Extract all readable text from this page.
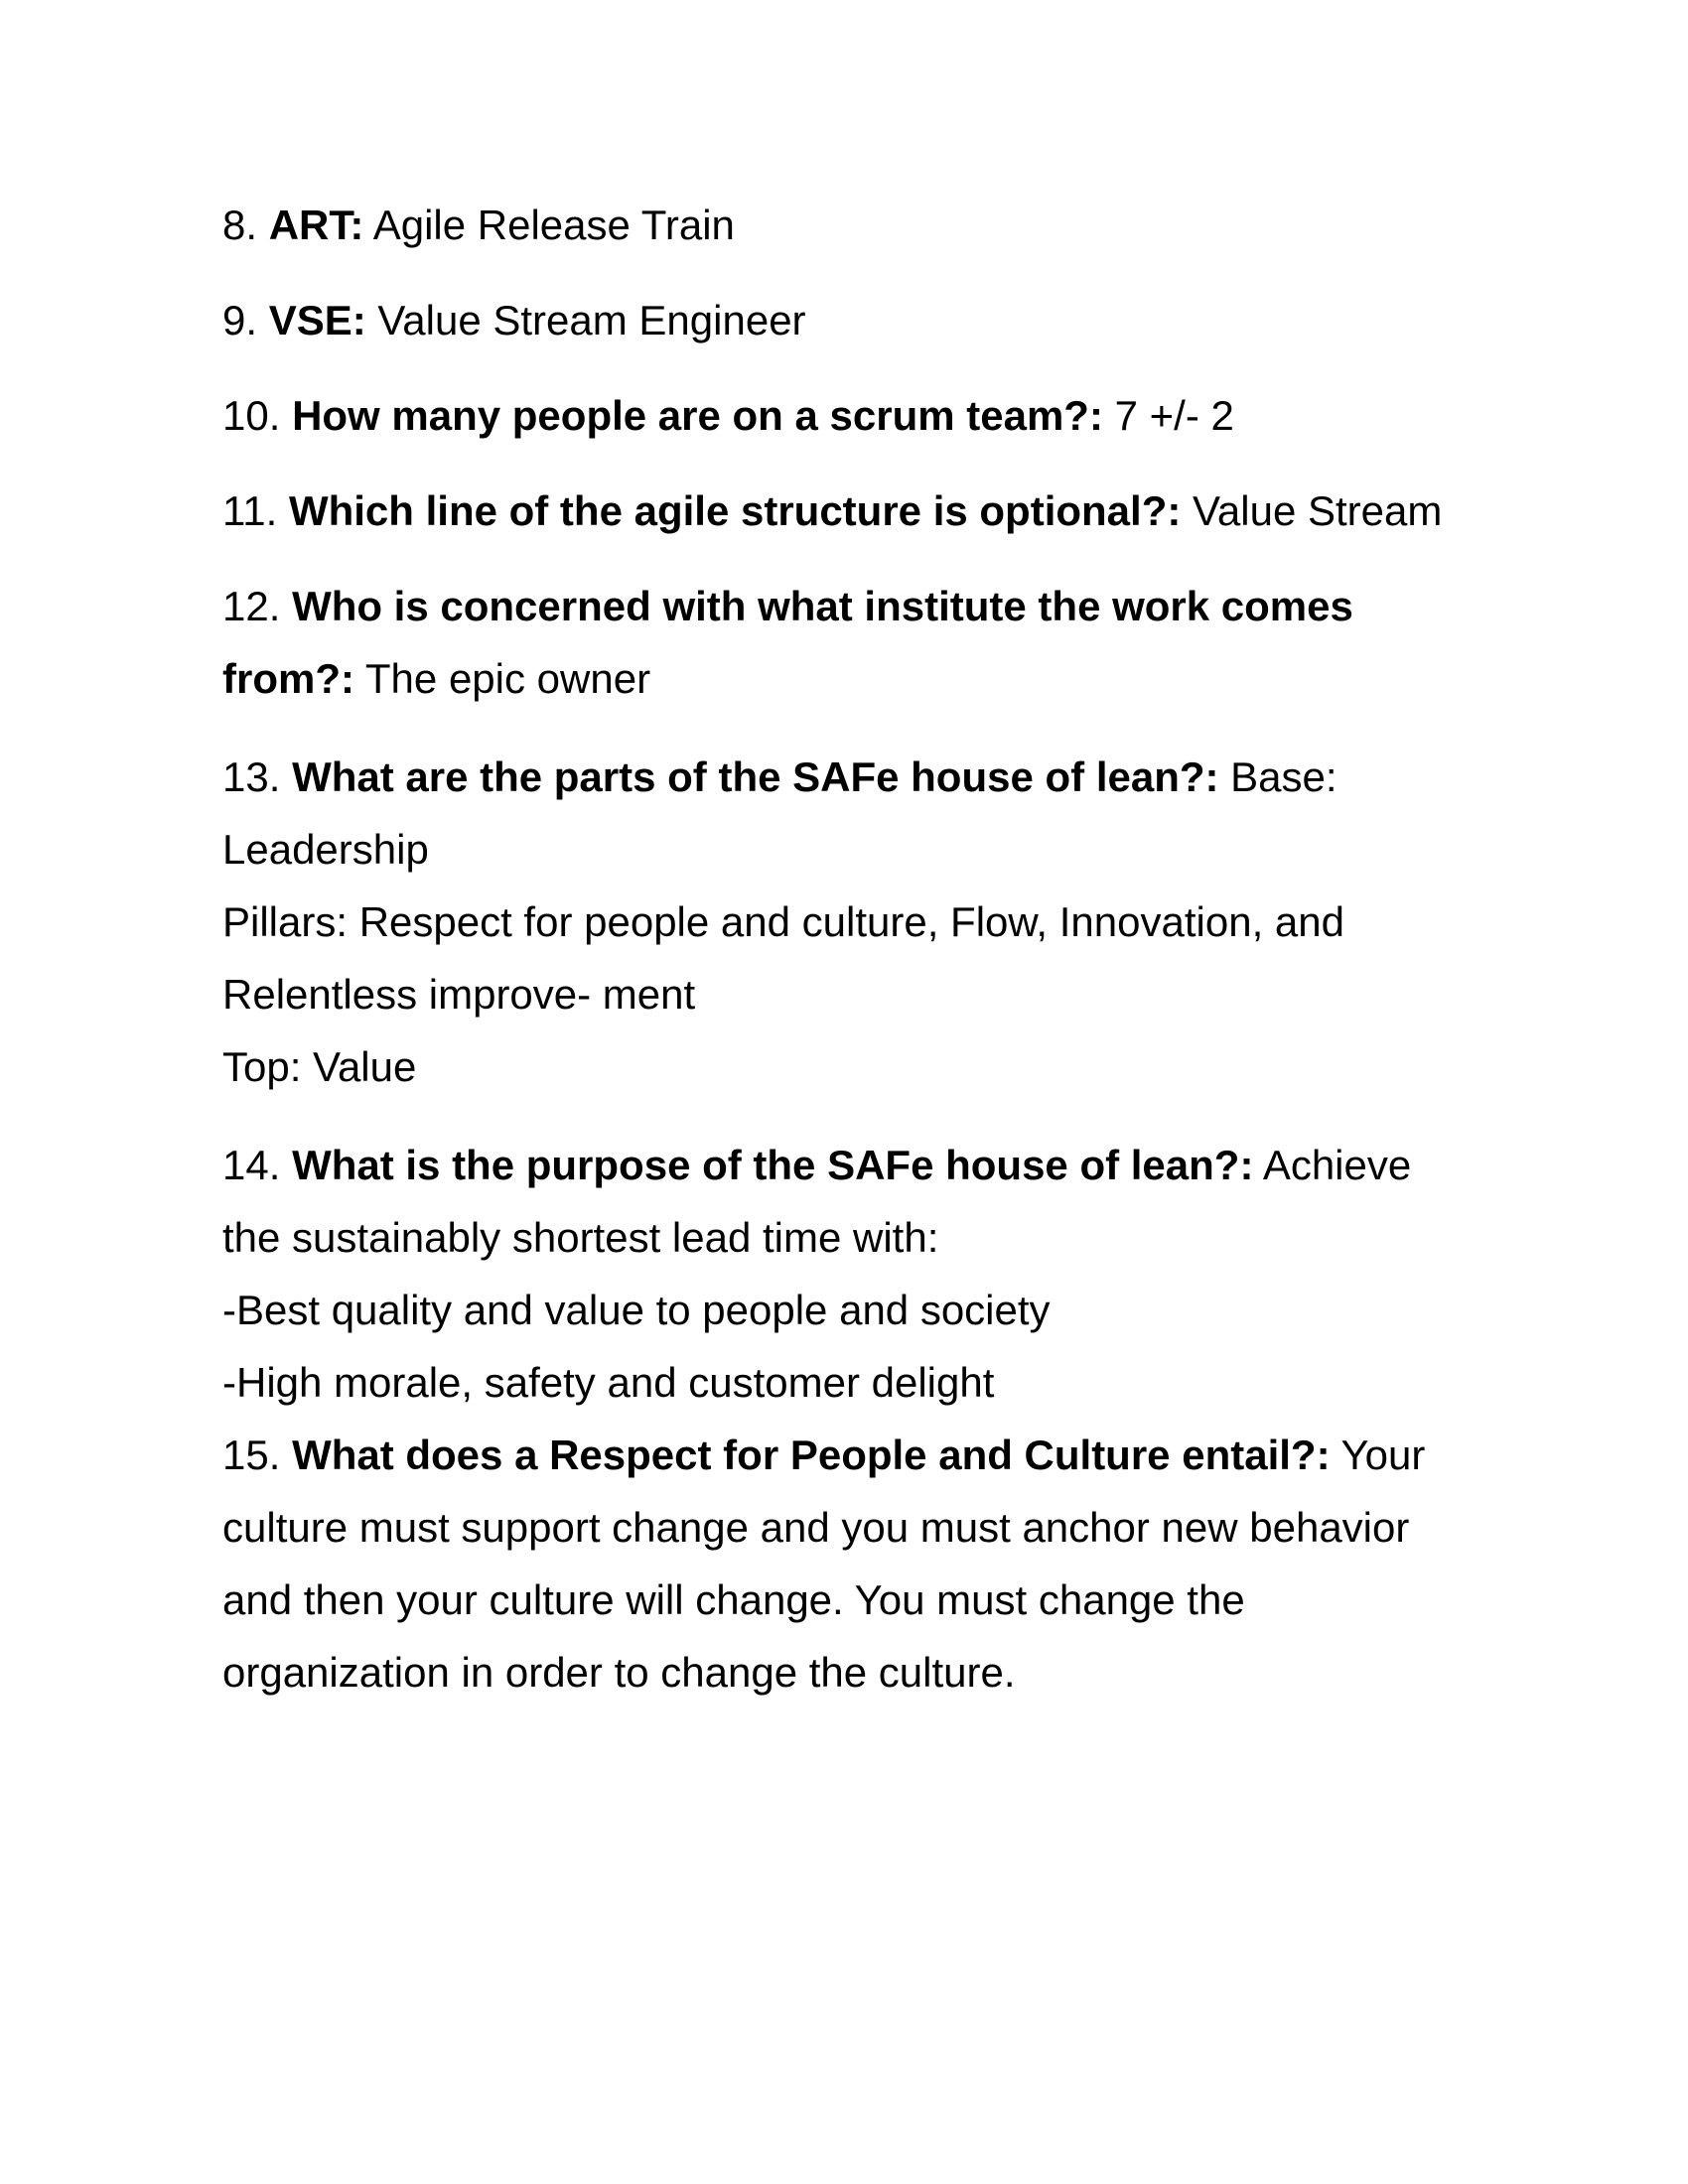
8. ART: Agile Release Train
9. VSE: Value Stream Engineer
10. How many people are on a scrum team?: 7 +/- 2
11. Which line of the agile structure is optional?: Value Stream
12. Who is concerned with what institute the work comes
from?: The epic owner
13. What are the parts of the SAFe house of lean?: Base:
Leadership
Pillars: Respect for people and culture, Flow, Innovation, and
Relentless improve- ment
Top: Value
14. What is the purpose of the SAFe house of lean?: Achieve
the sustainably shortest lead time with:
-Best quality and value to people and society
-High morale, safety and customer delight
15. What does a Respect for People and Culture entail?: Your
culture must support change and you must anchor new behavior
and then your culture will change. You must change the
organization in order to change the culture.
